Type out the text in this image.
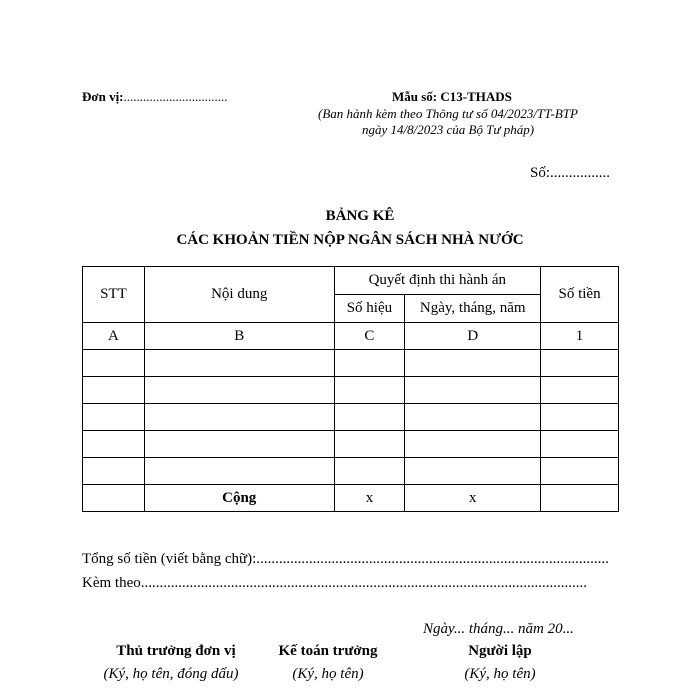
Đơn vị:................................	Mẫu số: C13-THADS
(Ban hành kèm theo Thông tư số 04/2023/TT-BTP
ngày 14/8/2023 của Bộ Tư pháp)
Số:................
BẢNG KÊ
CÁC KHOẢN TIỀN NỘP NGÂN SÁCH NHÀ NƯỚC
STT	Nội dung	Quyết định thi hành án		Số tiền
		Số hiệu	Ngày, tháng, năm	
A	B	C	D	1

	Cộng	x	x	
Tổng số tiền (viết bằng chữ):..............................................................................................
Kèm theo.......................................................................................................................
Ngày... tháng... năm 20...
Thủ trưởng đơn vị
(Ký, họ tên, đóng dấu)
Kế toán trưởng
(Ký, họ tên)
Người lập
(Ký, họ tên)
